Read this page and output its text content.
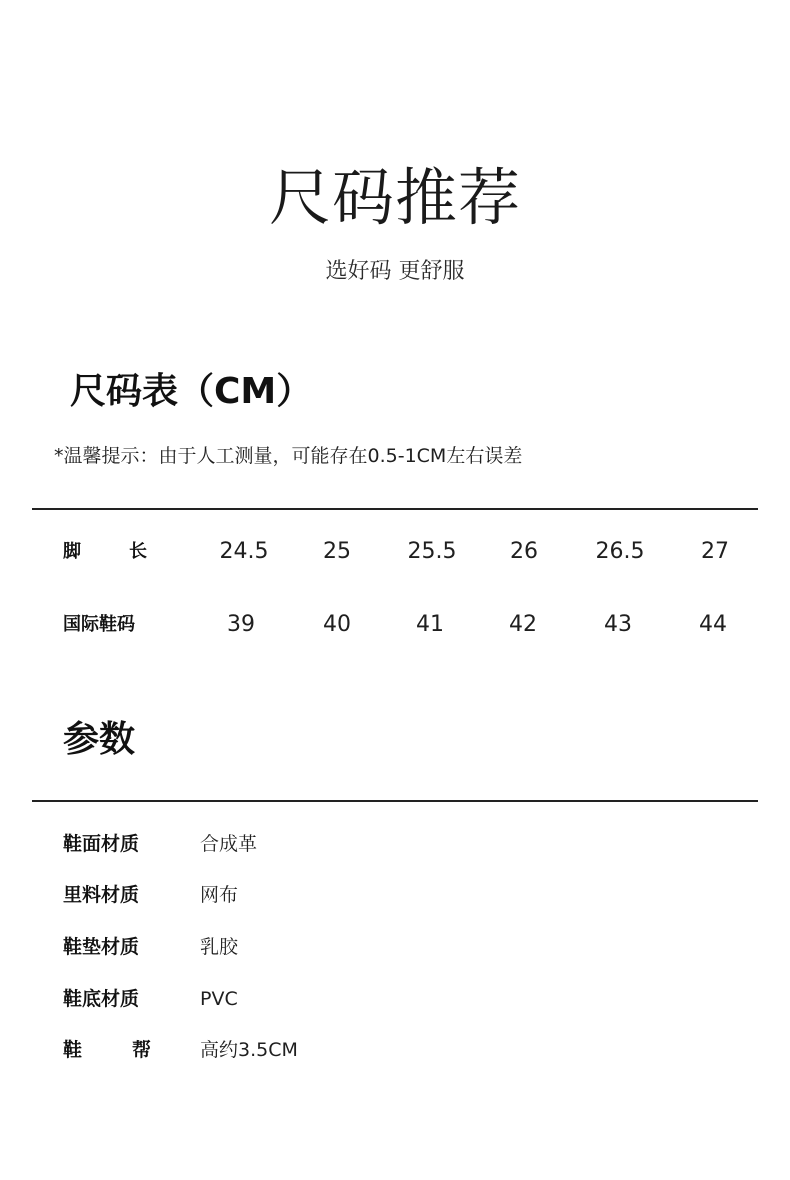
尺码推荐
选好码 更舒服
尺码表（CM）
*温馨提示：由于人工测量，可能存在0.5-1CM左右误差
脚长	24.5	25	25.5	26	26.5	27
国际鞋码	39	40	41	42	43	44
参数
鞋面材质	合成革
里料材质	网布
鞋垫材质	乳胶
鞋底材质	PVC
鞋帮	高约3.5CM
